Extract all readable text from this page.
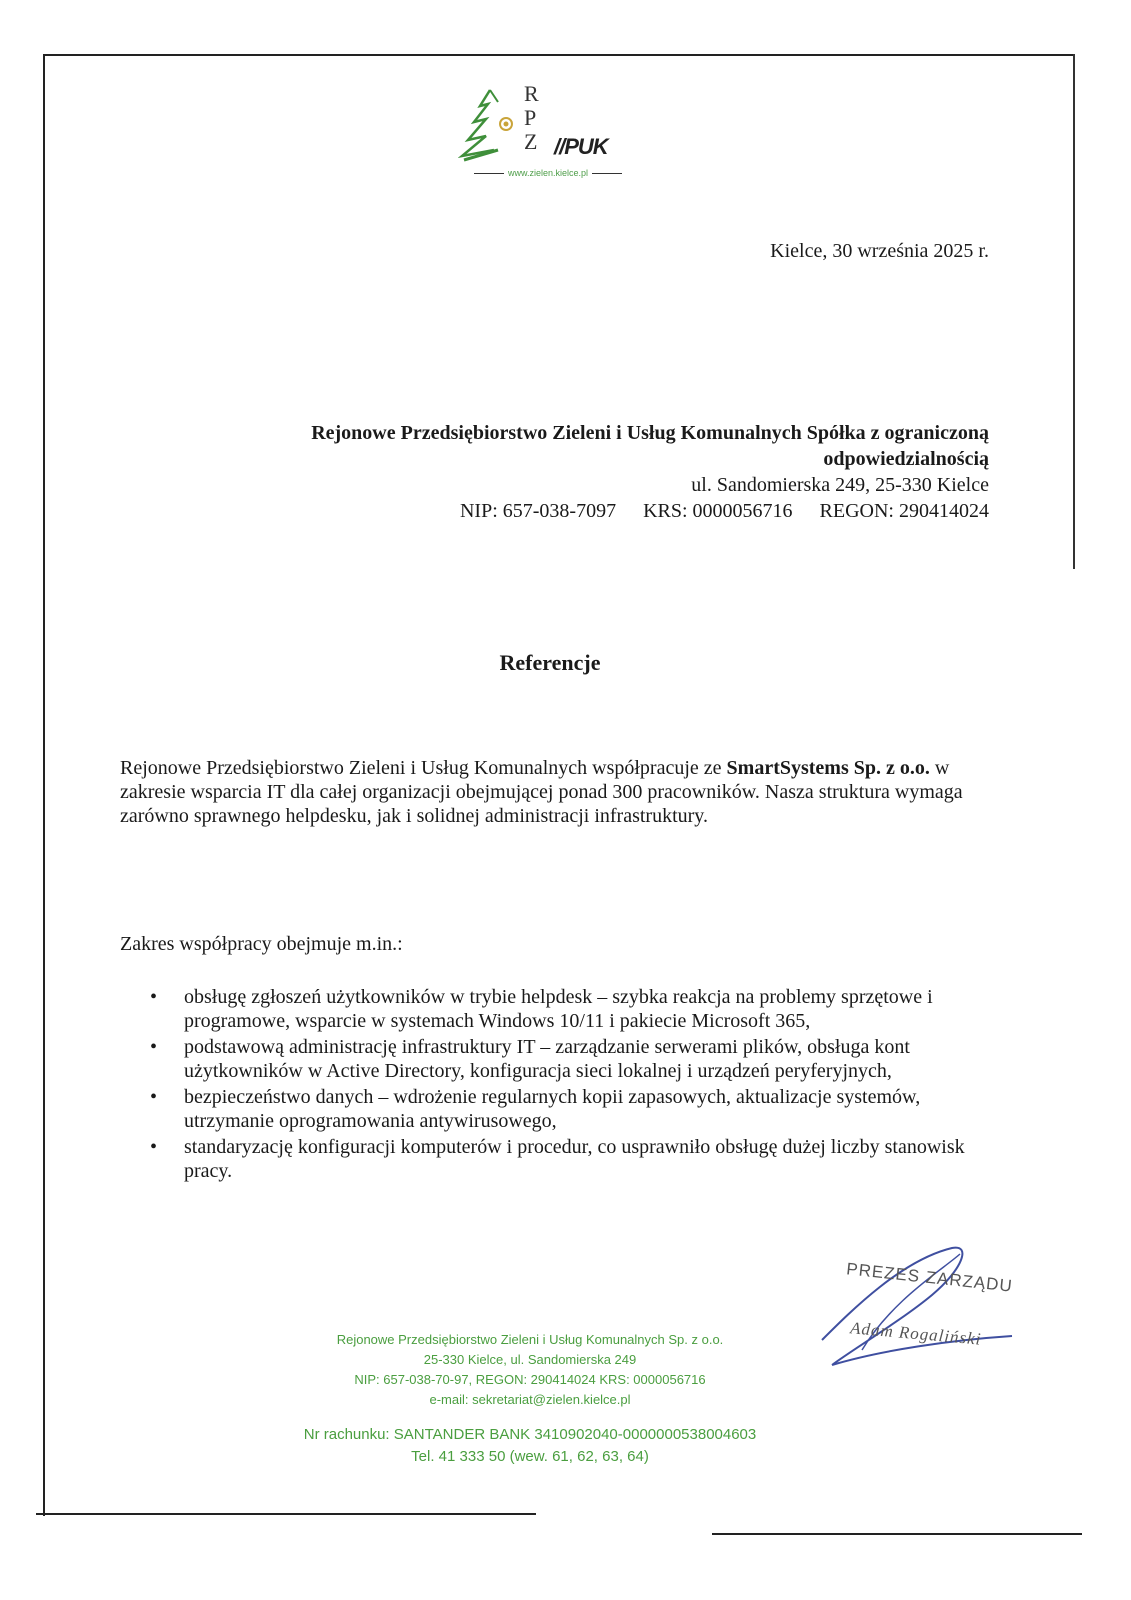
R
P
Z //PUK
www.zielen.kielce.pl
Kielce, 30 września 2025 r.
Rejonowe Przedsiębiorstwo Zieleni i Usług Komunalnych Spółka z ograniczoną
odpowiedzialnością
ul. Sandomierska 249, 25-330 Kielce
NIP: 657-038-7097 KRS: 0000056716 REGON: 290414024
Referencje
Rejonowe Przedsiębiorstwo Zieleni i Usług Komunalnych współpracuje ze SmartSystems Sp. z o.o. w zakresie wsparcia IT dla całej organizacji obejmującej ponad 300 pracowników. Nasza struktura wymaga zarówno sprawnego helpdesku, jak i solidnej administracji infrastruktury.
Zakres współpracy obejmuje m.in.:
• obsługę zgłoszeń użytkowników w trybie helpdesk – szybka reakcja na problemy sprzętowe i programowe, wsparcie w systemach Windows 10/11 i pakiecie Microsoft 365,
• podstawową administrację infrastruktury IT – zarządzanie serwerami plików, obsługa kont użytkowników w Active Directory, konfiguracja sieci lokalnej i urządzeń peryferyjnych,
• bezpieczeństwo danych – wdrożenie regularnych kopii zapasowych, aktualizacje systemów, utrzymanie oprogramowania antywirusowego,
• standaryzację konfiguracji komputerów i procedur, co usprawniło obsługę dużej liczby stanowisk pracy.
PREZES ZARZĄDU
Adam Rogaliński
Rejonowe Przedsiębiorstwo Zieleni i Usług Komunalnych Sp. z o.o.
25-330 Kielce, ul. Sandomierska 249
NIP: 657-038-70-97, REGON: 290414024 KRS: 0000056716
e-mail: sekretariat@zielen.kielce.pl
Nr rachunku: SANTANDER BANK 3410902040-0000000538004603
Tel. 41 333 50 (wew. 61, 62, 63, 64)
